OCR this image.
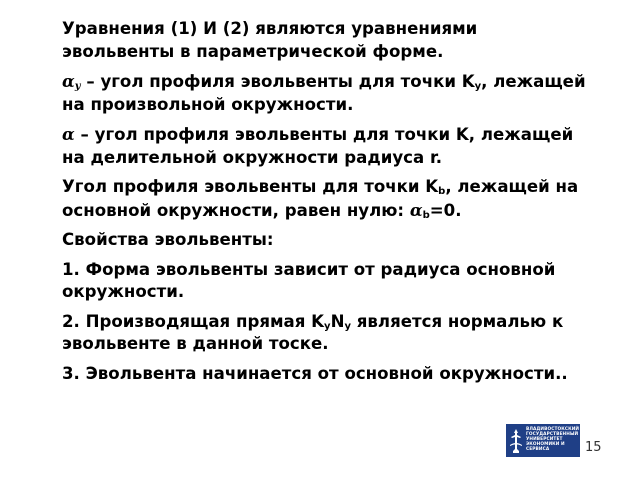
Уравнения (1) И (2) являются уравнениями эвольвенты в параметрической форме.

$\alpha_y$ – угол профиля эвольвенты для точки $K_y$, лежащей на произвольной окружности.

α – угол профиля эвольвенты для точки K, лежащей на делительной окружности радиуса r.

Угол профиля эвольвенты для точки $K_b$, лежащей на основной окружности, равен нулю: $\alpha_b=0$.

Свойства эвольвенты:

1. Форма эвольвенты зависит от радиуса основной окружности.

2. Производящая прямая $K_yN_y$ является нормалью к эвольвенте в данной тоске.

3. Эвольвента начинается от основной окружности..

ВЛАДИВОСТОКСКИЙ
ГОСУДАРСТВЕННЫЙ
УНИВЕРСИТЕТ
ЭКОНОМИКИ И
СЕРВИСА	15
